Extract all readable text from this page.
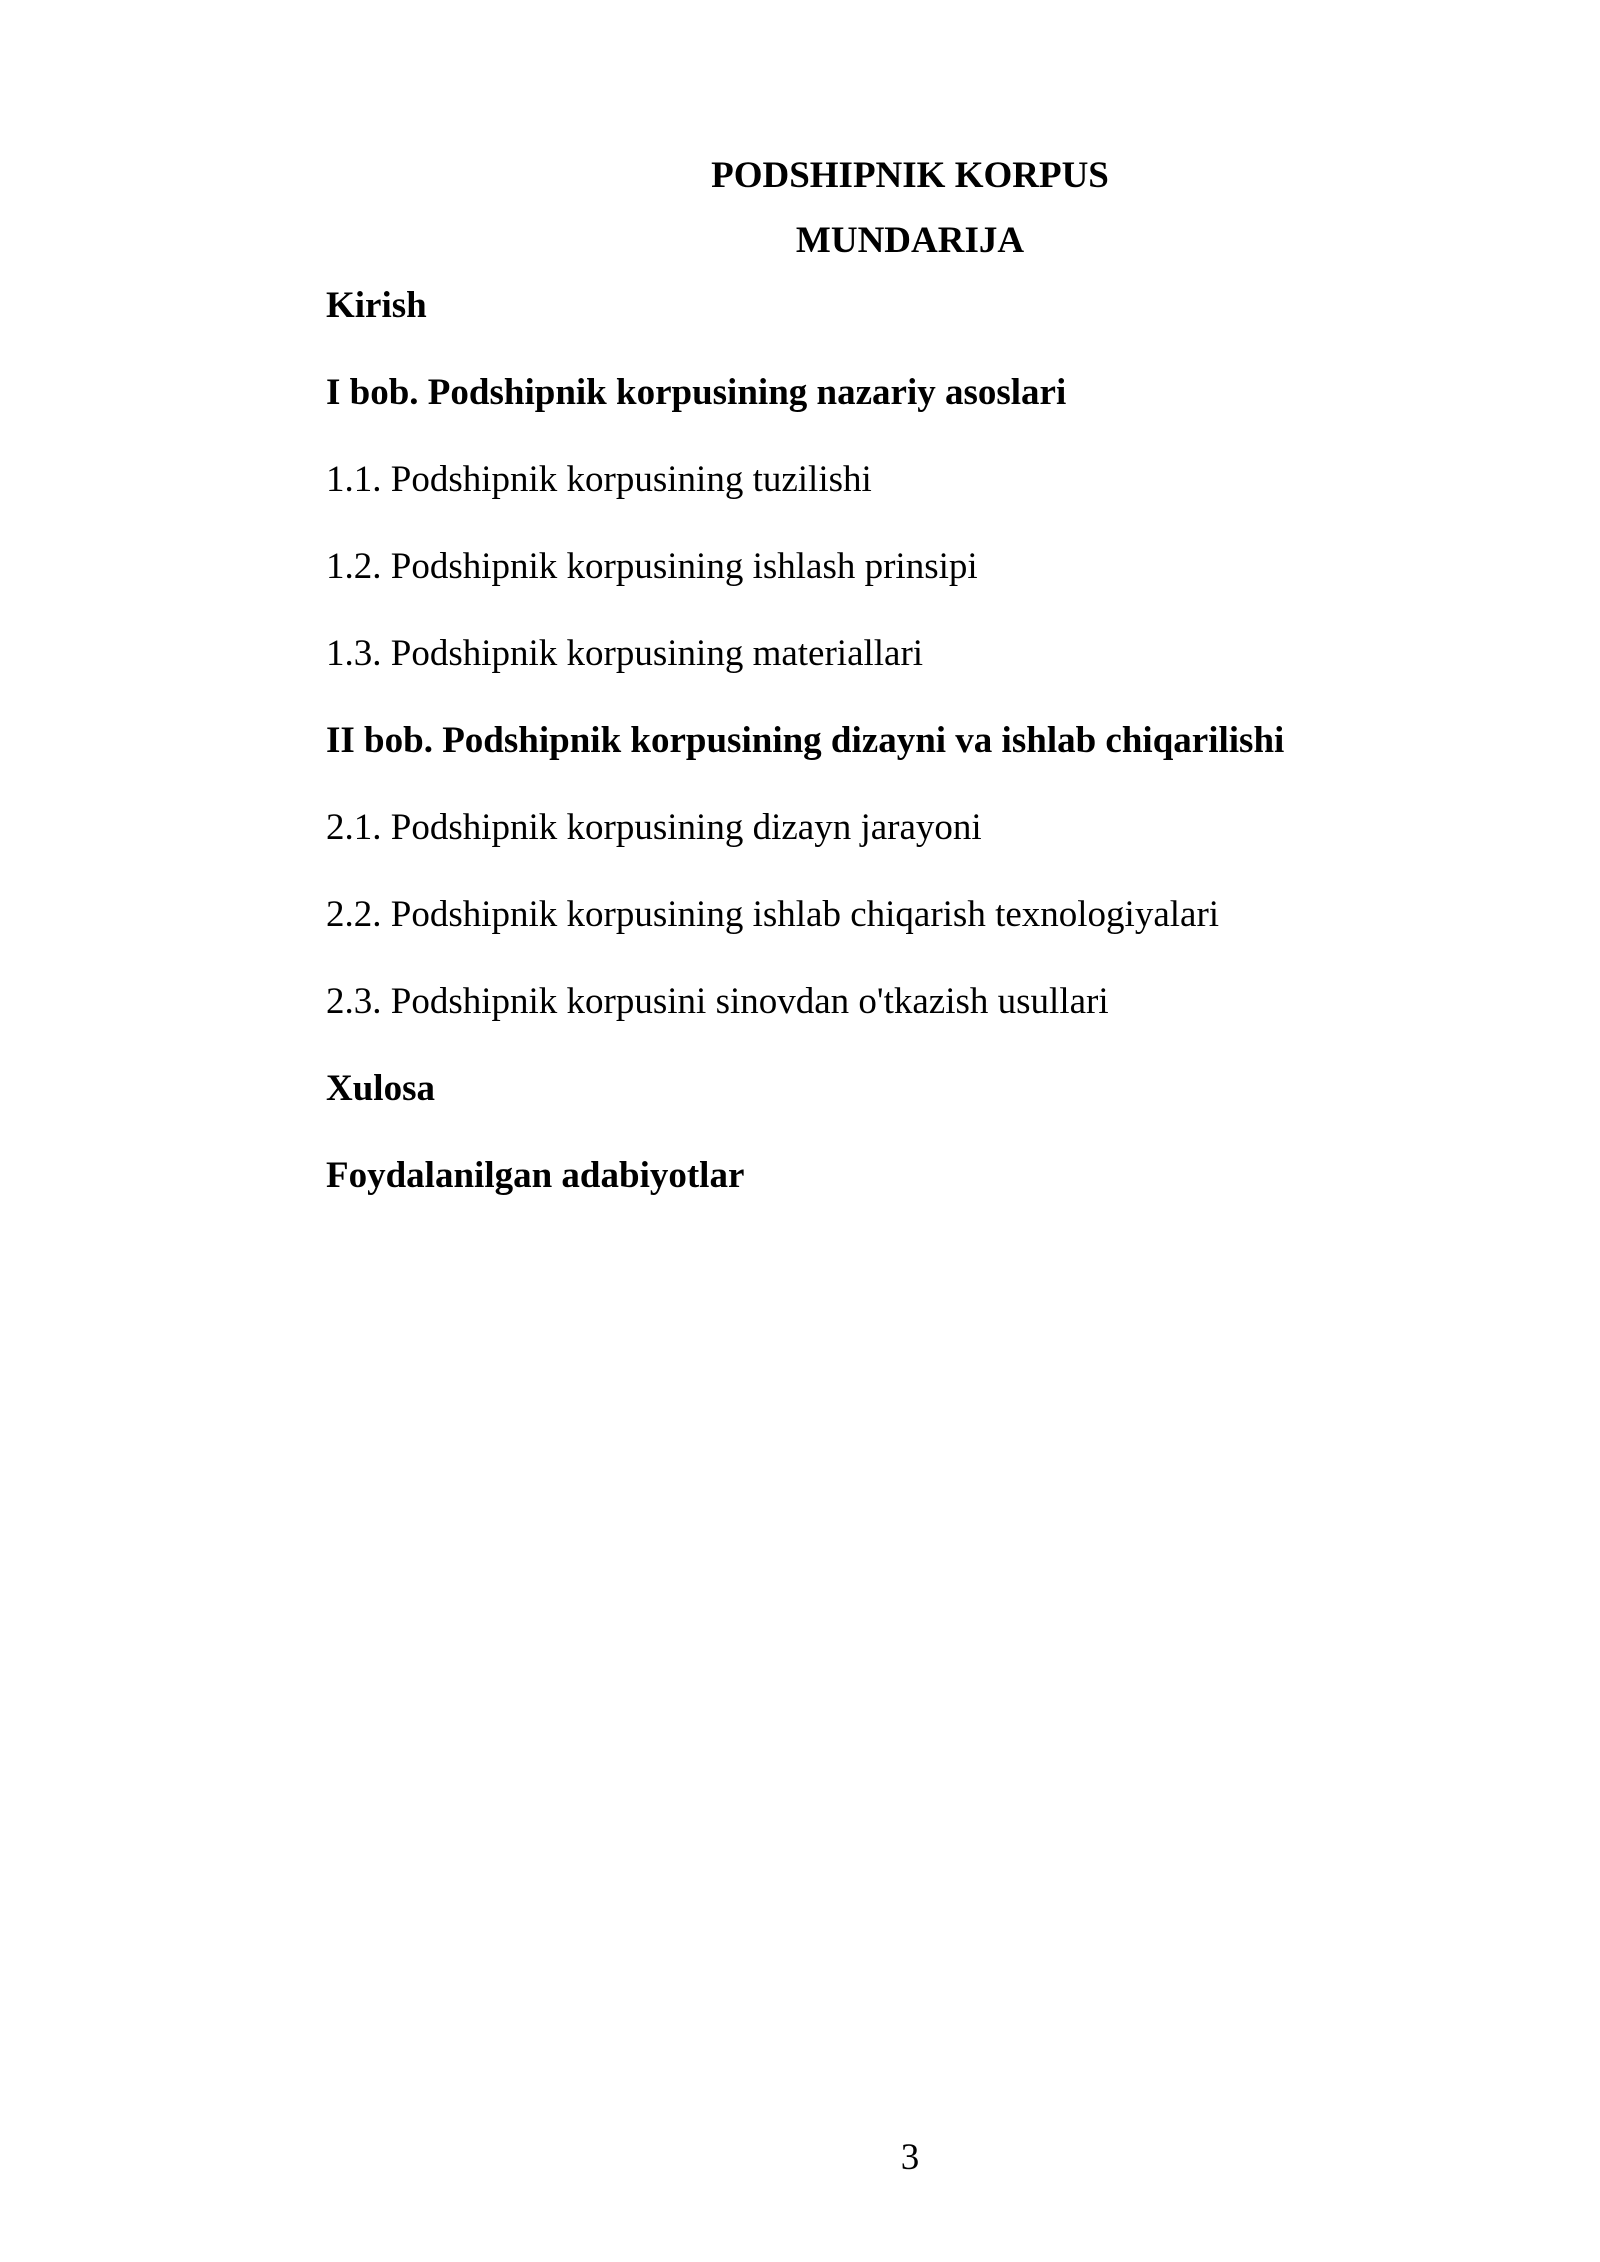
PODSHIPNIK KORPUS
MUNDARIJA
Kirish
I bob. Podshipnik korpusining nazariy asoslari
1.1. Podshipnik korpusining tuzilishi
1.2. Podshipnik korpusining ishlash prinsipi
1.3. Podshipnik korpusining materiallari
II bob. Podshipnik korpusining dizayni va ishlab chiqarilishi
2.1. Podshipnik korpusining dizayn jarayoni
2.2. Podshipnik korpusining ishlab chiqarish texnologiyalari
2.3. Podshipnik korpusini sinovdan o'tkazish usullari
Xulosa
Foydalanilgan adabiyotlar
3
